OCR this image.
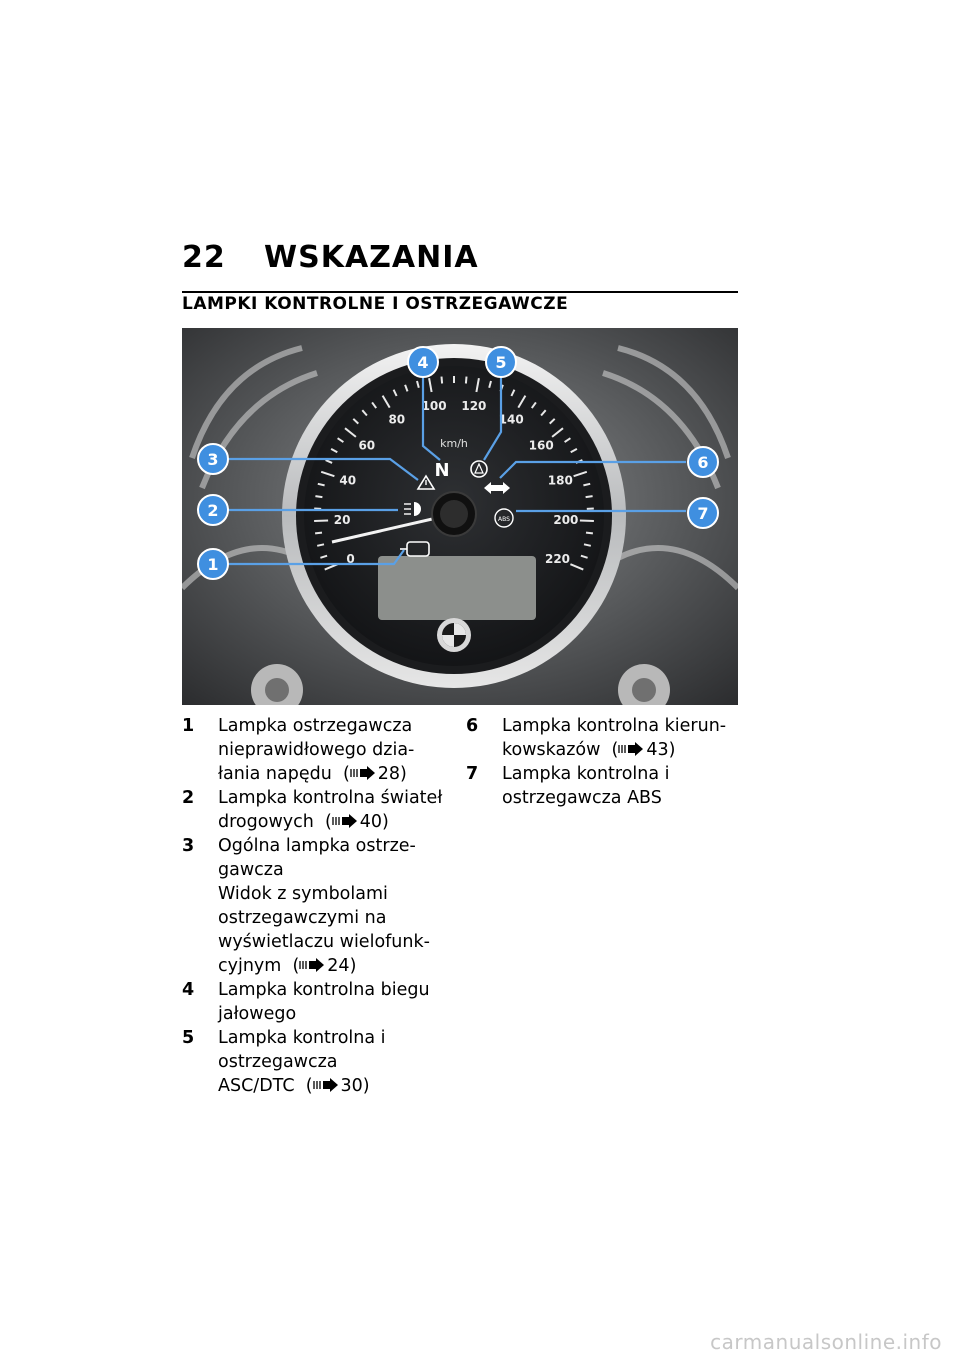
22 WSKAZANIA
LAMPKI KONTROLNE I OSTRZEGAWCZE
0
20
40
60
80
100 120
140
160
180
200
220
km/h
N
ABS
1
2
3
4	5
6
7
1	Lampka ostrzegawcza
nieprawidłowego dzia-
łania napędu  ( 28)
2	Lampka kontrolna świateł
drogowych  ( 40)
3	Ogólna lampka ostrze-
gawcza
Widok z symbolami
ostrzegawczymi na
wyświetlaczu wielofunk-
cyjnym  ( 24)
4	Lampka kontrolna biegu
jałowego
5	Lampka kontrolna i
ostrzegawcza ASC/DTC  ( 30)
6	Lampka kontrolna kierun-
kowskazów  ( 43)
7	Lampka kontrolna i
ostrzegawcza ABS
carmanualsonline.info
